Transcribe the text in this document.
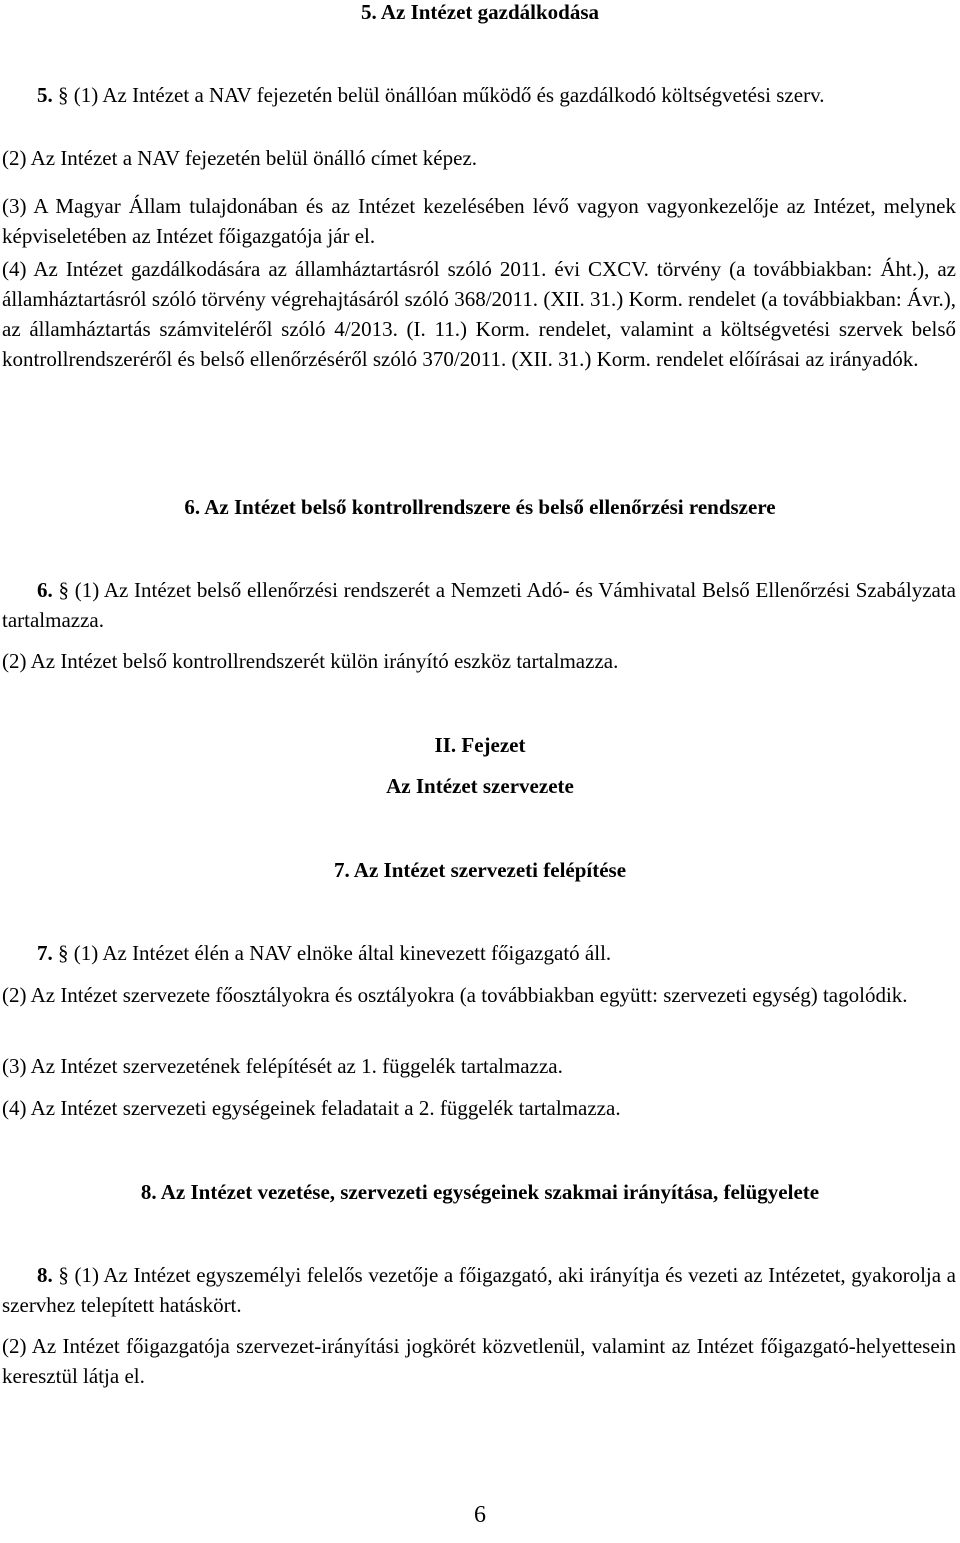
5. Az Intézet gazdálkodása
5. § (1) Az Intézet a NAV fejezetén belül önállóan működő és gazdálkodó költségvetési szerv.
(2) Az Intézet a NAV fejezetén belül önálló címet képez.
(3) A Magyar Állam tulajdonában és az Intézet kezelésében lévő vagyon vagyonkezelője az Intézet, melynek képviseletében az Intézet főigazgatója jár el.
(4) Az Intézet gazdálkodására az államháztartásról szóló 2011. évi CXCV. törvény (a továbbiakban: Áht.), az államháztartásról szóló törvény végrehajtásáról szóló 368/2011. (XII. 31.) Korm. rendelet (a továbbiakban: Ávr.), az államháztartás számviteléről szóló 4/2013. (I. 11.) Korm. rendelet, valamint a költségvetési szervek belső kontrollrendszeréről és belső ellenőrzéséről szóló 370/2011. (XII. 31.) Korm. rendelet előírásai az irányadók.
6. Az Intézet belső kontrollrendszere és belső ellenőrzési rendszere
6. § (1) Az Intézet belső ellenőrzési rendszerét a Nemzeti Adó- és Vámhivatal Belső Ellenőrzési Szabályzata tartalmazza.
(2) Az Intézet belső kontrollrendszerét külön irányító eszköz tartalmazza.
II. Fejezet
Az Intézet szervezete
7. Az Intézet szervezeti felépítése
7. § (1) Az Intézet élén a NAV elnöke által kinevezett főigazgató áll.
(2) Az Intézet szervezete főosztályokra és osztályokra (a továbbiakban együtt: szervezeti egység) tagolódik.
(3) Az Intézet szervezetének felépítését az 1. függelék tartalmazza.
(4) Az Intézet szervezeti egységeinek feladatait a 2. függelék tartalmazza.
8. Az Intézet vezetése, szervezeti egységeinek szakmai irányítása, felügyelete
8. § (1) Az Intézet egyszemélyi felelős vezetője a főigazgató, aki irányítja és vezeti az Intézetet, gyakorolja a szervhez telepített hatáskört.
(2) Az Intézet főigazgatója szervezet-irányítási jogkörét közvetlenül, valamint az Intézet főigazgató-helyettesein keresztül látja el.
6
